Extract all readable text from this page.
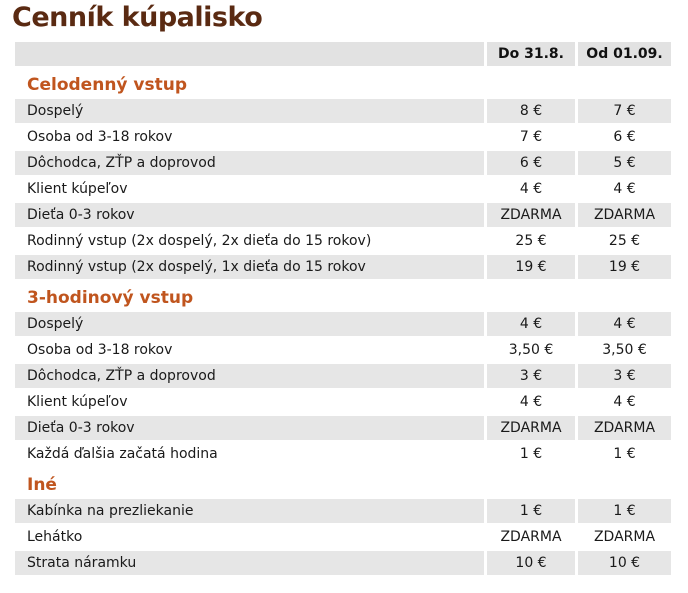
Cenník kúpalisko
		Do 31.8.		Od 01.09.
Celodenný vstup				
Dospelý		8 €		7 €
Osoba od 3-18 rokov		7 €		6 €
Dôchodca, ZŤP a doprovod		6 €		5 €
Klient kúpeľov		4 €		4 €
Dieťa 0-3 rokov		ZDARMA		ZDARMA
Rodinný vstup (2x dospelý, 2x dieťa do 15 rokov)		25 €		25 €
Rodinný vstup (2x dospelý, 1x dieťa do 15 rokov		19 €		19 €
3-hodinový vstup				
Dospelý		4 €		4 €
Osoba od 3-18 rokov		3,50 €		3,50 €
Dôchodca, ZŤP a doprovod		3 €		3 €
Klient kúpeľov		4 €		4 €
Dieťa 0-3 rokov		ZDARMA		ZDARMA
Každá ďalšia začatá hodina		1 €		1 €
Iné				
Kabínka na prezliekanie		1 €		1 €
Lehátko		ZDARMA		ZDARMA
Strata náramku		10 €		10 €
